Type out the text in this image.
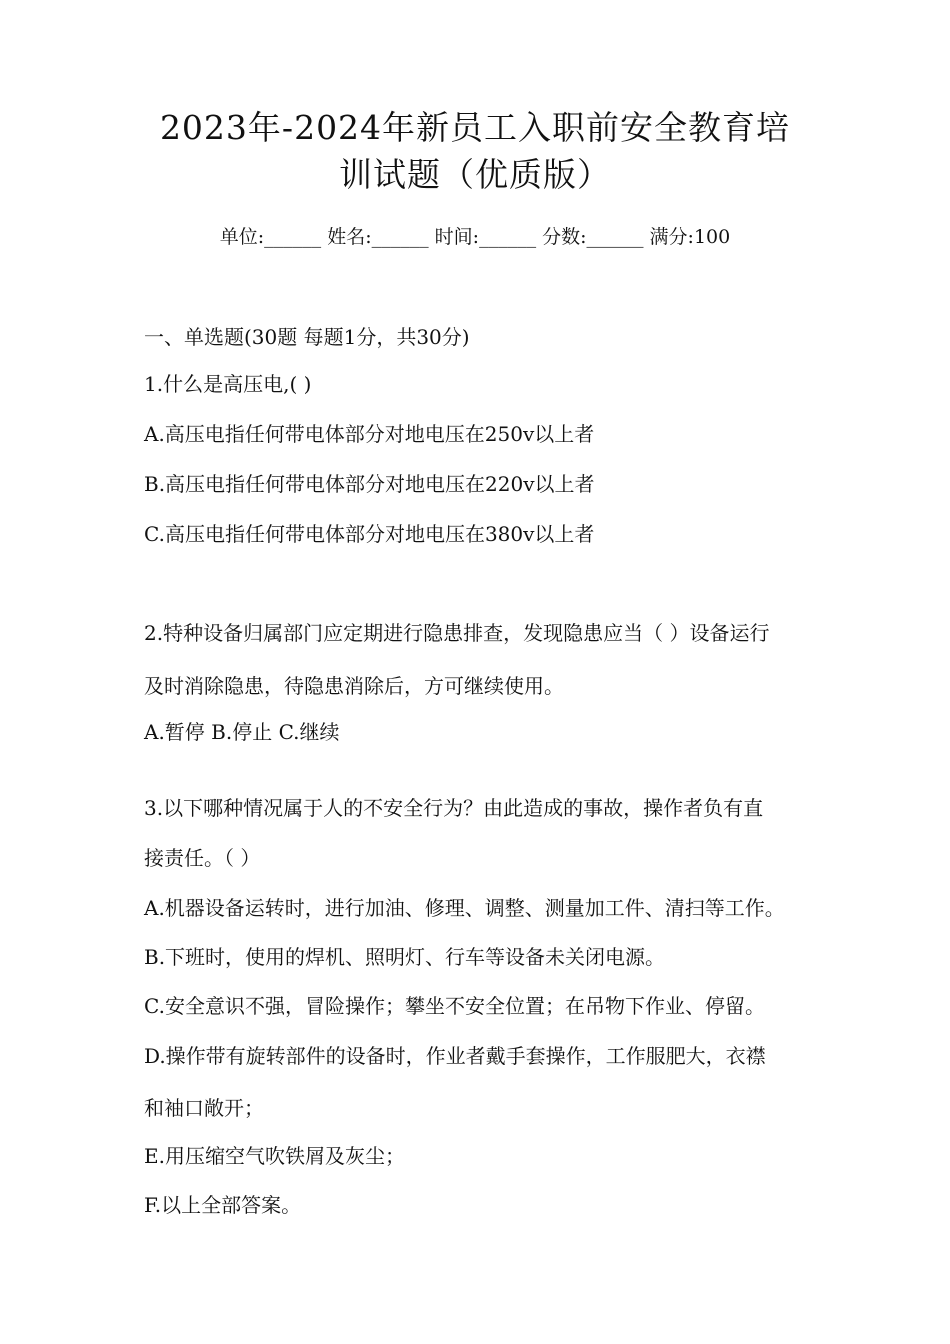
2023年-2024年新员工入职前安全教育培
训试题（优质版）
单位:______ 姓名:______ 时间:______ 分数:______ 满分:100
一、单选题(30题 每题1分，共30分)
1.什么是高压电,( )
A.高压电指任何带电体部分对地电压在250v以上者
B.高压电指任何带电体部分对地电压在220v以上者
C.高压电指任何带电体部分对地电压在380v以上者
2.特种设备归属部门应定期进行隐患排查，发现隐患应当（ ）设备运行
及时消除隐患，待隐患消除后，方可继续使用。
A.暂停 B.停止 C.继续
3.以下哪种情况属于人的不安全行为？由此造成的事故，操作者负有直
接责任。（ ）
A.机器设备运转时，进行加油、修理、调整、测量加工件、清扫等工作。
B.下班时，使用的焊机、照明灯、行车等设备未关闭电源。
C.安全意识不强，冒险操作；攀坐不安全位置；在吊物下作业、停留。
D.操作带有旋转部件的设备时，作业者戴手套操作，工作服肥大，衣襟
和袖口敞开；
E.用压缩空气吹铁屑及灰尘；
F.以上全部答案。
